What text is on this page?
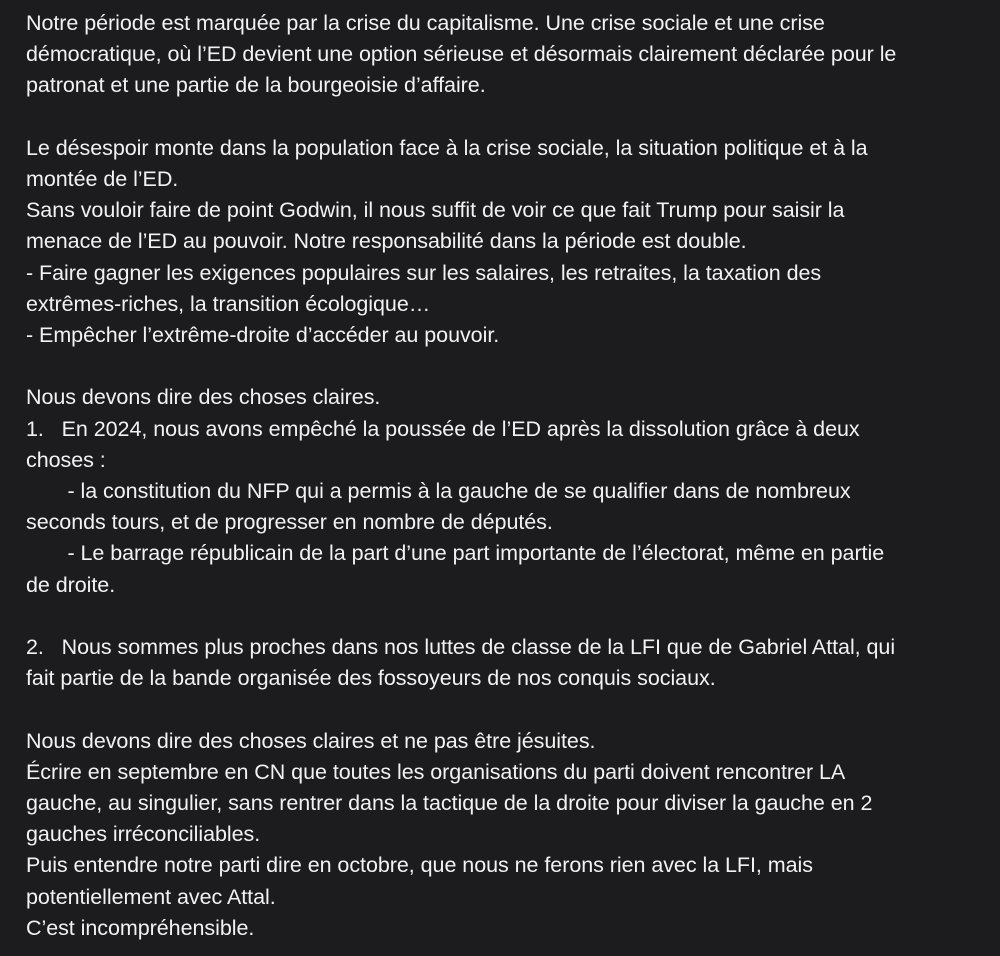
Notre période est marquée par la crise du capitalisme. Une crise sociale et une crise
démocratique, où l’ED devient une option sérieuse et désormais clairement déclarée pour le
patronat et une partie de la bourgeoisie d’affaire.
Le désespoir monte dans la population face à la crise sociale, la situation politique et à la
montée de l’ED.
Sans vouloir faire de point Godwin, il nous suffit de voir ce que fait Trump pour saisir la
menace de l’ED au pouvoir. Notre responsabilité dans la période est double.
- Faire gagner les exigences populaires sur les salaires, les retraites, la taxation des
extrêmes-riches, la transition écologique…
- Empêcher l’extrême-droite d’accéder au pouvoir.
Nous devons dire des choses claires.
1.   En 2024, nous avons empêché la poussée de l’ED après la dissolution grâce à deux
choses :
- la constitution du NFP qui a permis à la gauche de se qualifier dans de nombreux
seconds tours, et de progresser en nombre de députés.
- Le barrage républicain de la part d’une part importante de l’électorat, même en partie
de droite.
2.   Nous sommes plus proches dans nos luttes de classe de la LFI que de Gabriel Attal, qui
fait partie de la bande organisée des fossoyeurs de nos conquis sociaux.
Nous devons dire des choses claires et ne pas être jésuites.
Écrire en septembre en CN que toutes les organisations du parti doivent rencontrer LA
gauche, au singulier, sans rentrer dans la tactique de la droite pour diviser la gauche en 2
gauches irréconciliables.
Puis entendre notre parti dire en octobre, que nous ne ferons rien avec la LFI, mais
potentiellement avec Attal.
C’est incompréhensible.
